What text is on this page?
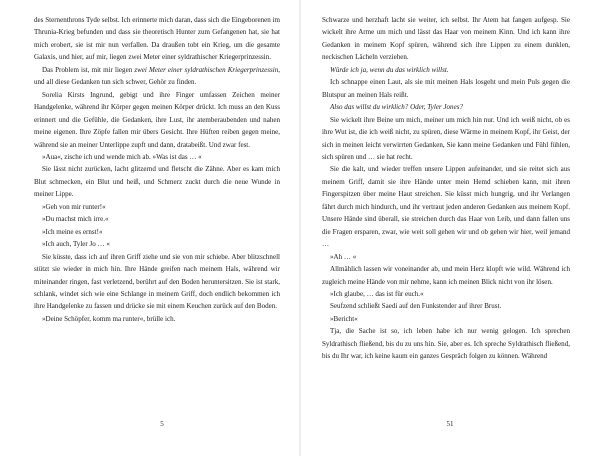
des Sternenthrons Tyde selbst. Ich erinnerte mich daran, dass sich die Eingeborenen im Thrunia-Krieg befunden und dass sie theoretisch Hunter zum Gefangenen hat, sie hat mich erobert, sie ist mir nun verfallen. Da draußen tobt ein Krieg, um die gesamte Galaxis, und hier, auf mir, liegen zwei Meter einer syldrathischer Kriegerprinzessin.

Das Problem ist, mit mir liegen zwei Meter einer syldrathischen Kriegerprinzessin, und all diese Gedanken tun sich schwer, Gehör zu finden.

Sorelia Kirsts Ingrund, gebigt und ihre Finger umfassen Zeichen meiner Handgelenke, während ihr Körper gegen meinen Körper drückt. Ich muss an den Kuss erinnert und die Gefühle, die Gedanken, ihre Lust, ihr atemberaubenden und nahen meine eigenen. Ihre Zöpfe fallen mir übers Gesicht. Ihre Hüften reiben gegen meine, während sie an meiner Unterlippe zupft und dann, dratabeißt. Und zwar fest.

»Aua«, zische ich und wende mich ab. »Was ist das … «

Sie lässt nicht zurücken, lacht glitzernd und fletscht die Zähne. Aber es kam mich Blut schmecken, ein Blut und heiß, und Schmerz zuckt durch die neue Wunde in meiner Lippe.

»Geh von mir runter!«

»Du machst mich irre.«

»Ich meine es ernst!«

»Ich auch, Tyler Jo … «

Sie küsste, dass ich auf ihren Griff ziehe und sie von mir schiebe. Aber blitzschnell stützt sie wieder in mich hin. Ihre Hände greifen nach meinem Hals, während wir miteinander ringen, fast verletzend, berührt auf den Boden heruntersitzen. Sie ist stark, schlank, windet sich wie eine Schlange in meinem Griff, doch endlich bekommen ich ihre Handgelenke zu fassen und drücke sie mit einem Keuchen zurück auf den Boden.

»Deine Schöpfer, komm ma runter«, brülle ich.

5

Schwarze und herzhaft lacht sie weiter, ich selbst. Ihr Atem hat fangen aufgesp. Sie wickelt ihre Arme um mich und lässt das Haar von meinem Kinn. Und ich kann ihre Gedanken in meinem Kopf spüren, während sich ihre Lippen zu einem dunklen, neckischen Lächeln verziehen.

Würde ich ja, wenn du das wirklich willst.

Ich schnappe einen Laut, als sie mit meinen Hals losgeht und mein Puls gegen die Blutspur an meinen Hals reißt.

Also das willst du wirklich? Oder, Tyler Jones?

Sie wickelt ihre Beine um mich, meiner um mich hin nur. Und ich weiß nicht, ob es ihre Wut ist, die ich weiß nicht, zu spüren, diese Wärme in meinem Kopf, ihr Geist, der sich in meinen leicht verwirrten Gedanken, Sie kann meine Gedanken und Fühl fühlen, sich spüren und … sie hat recht.

Sie die kalt, und wieder treffen unsere Lippen aufeinander, und sie reitet sich aus meinem Griff, damit sie ihre Hände unter mein Hemd schieben kann, mit ihren Fingerspitzen über meine Haut streichen. Sie küsst mich hungrig, und ihr Verlangen fährt durch mich hindurch, und ihr vertraut jeden anderen Gedanken aus meinem Kopf. Unsere Hände sind überall, sie streichen durch das Haar von Leib, und dann fallen uns die Fragen ersparen, zwar, wie weit soll gehen wir und ob gehen wir hier, weil jemand …

»Ah … «

Allmählich lassen wir voneinander ab, und mein Herz klopft wie wild. Während ich zugleich meine Hände von mir nehme, kann ich meinen Blick nicht von ihr lösen.

»Ich glaube, … das ist für euch.«

Seufzend schließt Saedi auf den Funkstender auf ihrer Brust.

»Bericht«

Tja, die Sache ist so, ich leben habe ich nur wenig gelogen. Ich sprechen Syldrathisch fließend, bis du zu uns hin. Sie, aber es. Ich spreche Syldrathisch fließend, bis du Ihr war, ich keine kaum ein ganzes Gespräch folgen zu können. Während

51
